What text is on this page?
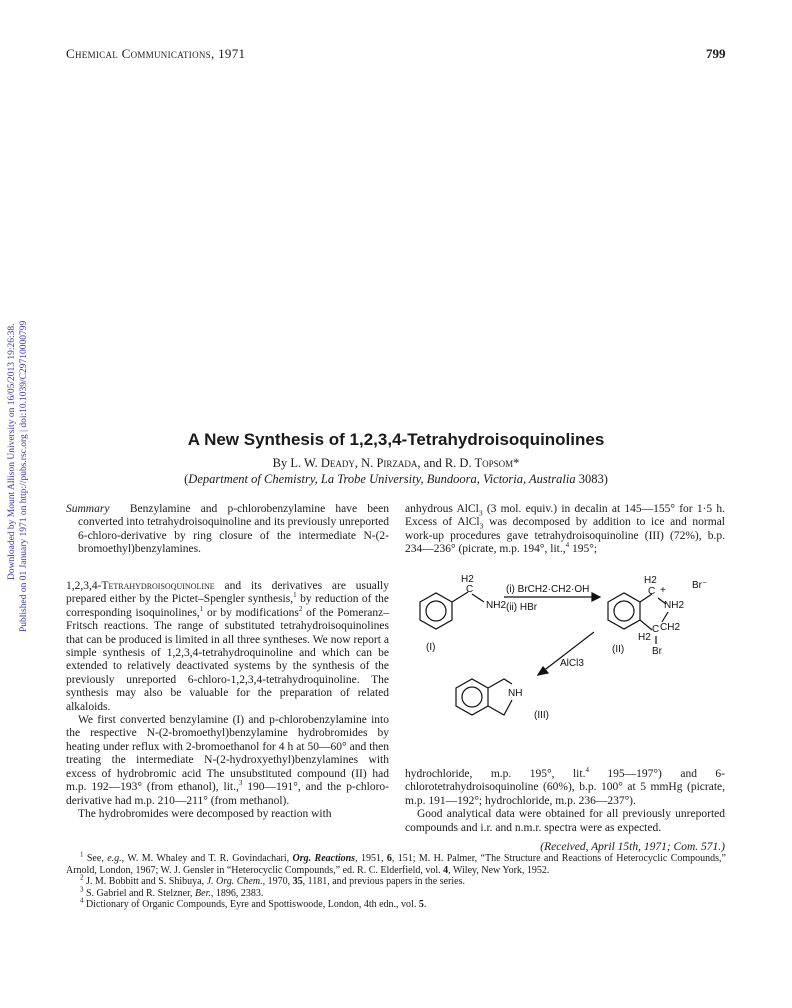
Chemical Communications, 1971	799
Downloaded by Mount Allison University on 16/05/2013 19:26:38. Published on 01 January 1971 on http://pubs.rsc.org | doi:10.1039/C29710000799	A New Synthesis of 1,2,3,4-Tetrahydroisoquinolines
By L. W. Deady, N. Pirzada, and R. D. Topsom*
(Department of Chemistry, La Trobe University, Bundoora, Victoria, Australia 3083)
Summary Benzylamine and p-chlorobenzylamine have been converted into tetrahydroisoquinoline and its previously unreported 6-chloro-derivative by ring closure of the intermediate N-(2-bromoethyl)benzylamines.

1,2,3,4-Tetrahydroisoquinoline and its derivatives are usually prepared either by the Pictet–Spengler synthesis,$^1$ by reduction of the corresponding isoquinolines,$^1$ or by modifications$^2$ of the Pomeranz–Fritsch reactions. The range of substituted tetrahydroisoquinolines that can be produced is limited in all three syntheses. We now report a simple synthesis of 1,2,3,4-tetrahydroquinoline and which can be extended to relatively deactivated systems by the synthesis of the previously unreported 6-chloro-1,2,3,4-tetrahydroquinoline. The synthesis may also be valuable for the preparation of related alkaloids.

We first converted benzylamine (I) and p-chlorobenzylamine into the respective N-(2-bromoethyl)benzylamine hydrobromides by heating under reflux with 2-bromoethanol for 4 h at 50—60° and then treating the intermediate N-(2-hydroxyethyl)benzylamines with excess of hydrobromic acid The unsubstituted compound (II) had m.p. 192—193° (from ethanol), lit.,$^3$ 190—191°, and the p-chloro-derivative had m.p. 210—211° (from methanol).

The hydrobromides were decomposed by reaction with

anhydrous AlCl$_3$ (3 mol. equiv.) in decalin at 145—155° for 1·5 h. Excess of AlCl$_3$ was decomposed by addition to ice and normal work-up procedures gave tetrahydroisoquinoline (III) (72%), b.p. 234—236° (picrate, m.p. 194°, lit.,$^4$ 195°;

H2
C
NH2
(I)
(i) BrCH2·CH2·OH
(ii) HBr
H2
C +
NH2
Br⁻
CH2
H2
C
Br
(II)
AlCl3
NH
(III)

hydrochloride, m.p. 195°, lit.$^4$ 195—197°) and 6-chlorotetrahydroisoquinoline (60%), b.p. 100° at 5 mmHg (picrate, m.p. 191—192°; hydrochloride, m.p. 236—237°).

Good analytical data were obtained for all previously unreported compounds and i.r. and n.m.r. spectra were as expected.

(Received, April 15th, 1971; Com. 571.)

$^1$ See, e.g., W. M. Whaley and T. R. Govindachari, Org. Reactions, 1951, 6, 151; M. H. Palmer, “The Structure and Reactions of Heterocyclic Compounds,” Arnold, London, 1967; W. J. Gensler in “Heterocyclic Compounds,” ed. R. C. Elderfield, vol. 4, Wiley, New York, 1952.

$^2$ J. M. Bobbitt and S. Shibuya, J. Org. Chem., 1970, 35, 1181, and previous papers in the series.

$^3$ S. Gabriel and R. Stelzner, Ber., 1896, 2383.

$^4$ Dictionary of Organic Compounds, Eyre and Spottiswoode, London, 4th edn., vol. 5.
